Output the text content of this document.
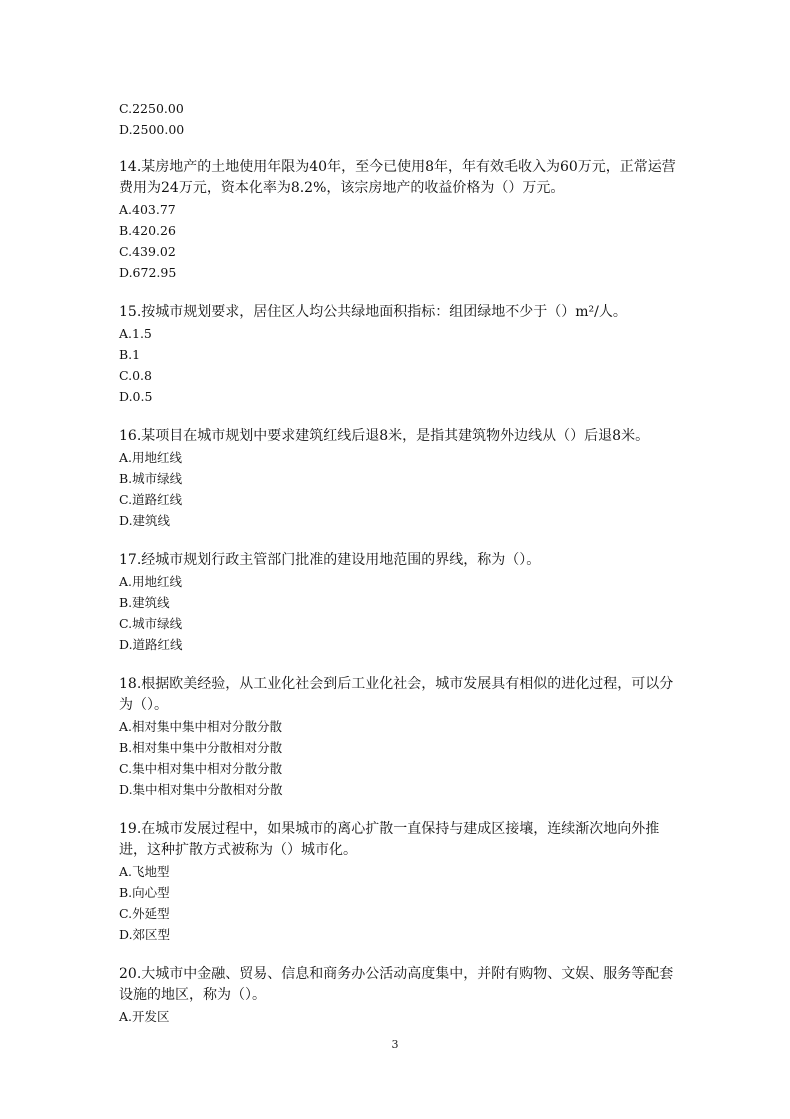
C.2250.00
D.2500.00
14.某房地产的土地使用年限为40年，至今已使用8年，年有效毛收入为60万元，正常运营费用为24万元，资本化率为8.2%，该宗房地产的收益价格为（）万元。
A.403.77
B.420.26
C.439.02
D.672.95
15.按城市规划要求，居住区人均公共绿地面积指标：组团绿地不少于（）m²/人。
A.1.5
B.1
C.0.8
D.0.5
16.某项目在城市规划中要求建筑红线后退8米，是指其建筑物外边线从（）后退8米。
A.用地红线
B.城市绿线
C.道路红线
D.建筑线
17.经城市规划行政主管部门批准的建设用地范围的界线，称为（）。
A.用地红线
B.建筑线
C.城市绿线
D.道路红线
18.根据欧美经验，从工业化社会到后工业化社会，城市发展具有相似的进化过程，可以分为（）。
A.相对集中集中相对分散分散
B.相对集中集中分散相对分散
C.集中相对集中相对分散分散
D.集中相对集中分散相对分散
19.在城市发展过程中，如果城市的离心扩散一直保持与建成区接壤，连续渐次地向外推进，这种扩散方式被称为（）城市化。
A.飞地型
B.向心型
C.外延型
D.郊区型
20.大城市中金融、贸易、信息和商务办公活动高度集中，并附有购物、文娱、服务等配套设施的地区，称为（）。
A.开发区
3
